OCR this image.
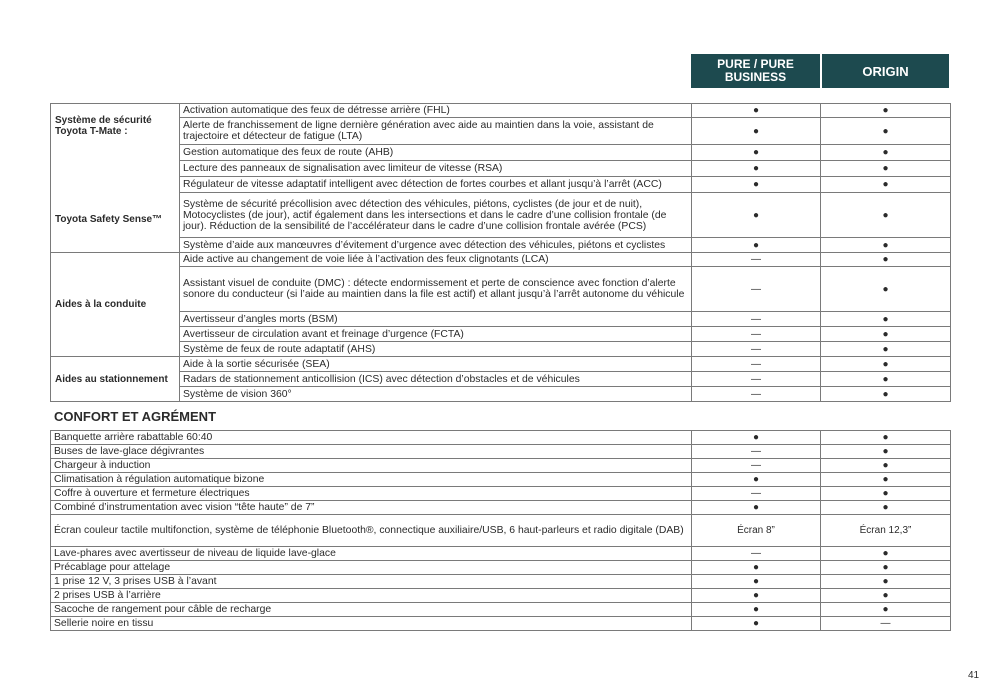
PURE / PURE BUSINESS	ORIGIN
Système de sécurité Toyota T-Mate :
Toyota Safety Sense™	Activation automatique des feux de détresse arrière (FHL)	●	●
	Alerte de franchissement de ligne dernière génération avec aide au maintien dans la voie, assistant de trajectoire et détecteur de fatigue (LTA)	●	●
	Gestion automatique des feux de route (AHB)	●	●
	Lecture des panneaux de signalisation avec limiteur de vitesse (RSA)	●	●
	Régulateur de vitesse adaptatif intelligent avec détection de fortes courbes et allant jusqu’à l’arrêt (ACC)	●	●
	Système de sécurité précollision avec détection des véhicules, piétons, cyclistes (de jour et de nuit), Motocyclistes (de jour), actif également dans les intersections et dans le cadre d’une collision frontale (de jour). Réduction de la sensibilité de l’accélérateur dans le cadre d’une collision frontale avérée (PCS)	●	●
	Système d’aide aux manœuvres d’évitement d’urgence avec détection des véhicules, piétons et cyclistes	●	●
Aides à la conduite	Aide active au changement de voie liée à l’activation des feux clignotants (LCA)	—	●
	Assistant visuel de conduite (DMC) : détecte endormissement et perte de conscience avec fonction d’alerte sonore du conducteur (si l’aide au maintien dans la file est actif) et allant jusqu’à l’arrêt autonome du véhicule	—	●
	Avertisseur d’angles morts (BSM)	—	●
	Avertisseur de circulation avant et freinage d’urgence (FCTA)	—	●
	Système de feux de route adaptatif (AHS)	—	●
Aides au stationnement	Aide à la sortie sécurisée (SEA)	—	●
	Radars de stationnement anticollision (ICS) avec détection d’obstacles et de véhicules	—	●
	Système de vision 360°	—	●
CONFORT ET AGRÉMENT
Banquette arrière rabattable 60:40	●	●
Buses de lave-glace dégivrantes	—	●
Chargeur à induction	—	●
Climatisation à régulation automatique bizone	●	●
Coffre à ouverture et fermeture électriques	—	●
Combiné d’instrumentation avec vision “tête haute” de 7”	●	●
Écran couleur tactile multifonction, système de téléphonie Bluetooth®, connectique auxiliaire/USB, 6 haut-parleurs et radio digitale (DAB)	Écran 8”	Écran 12,3”
Lave-phares avec avertisseur de niveau de liquide lave-glace	—	●
Précablage pour attelage	●	●
1 prise 12 V, 3 prises USB à l’avant	●	●
2 prises USB à l’arrière	●	●
Sacoche de rangement pour câble de recharge	●	●
Sellerie noire en tissu	●	—
41
